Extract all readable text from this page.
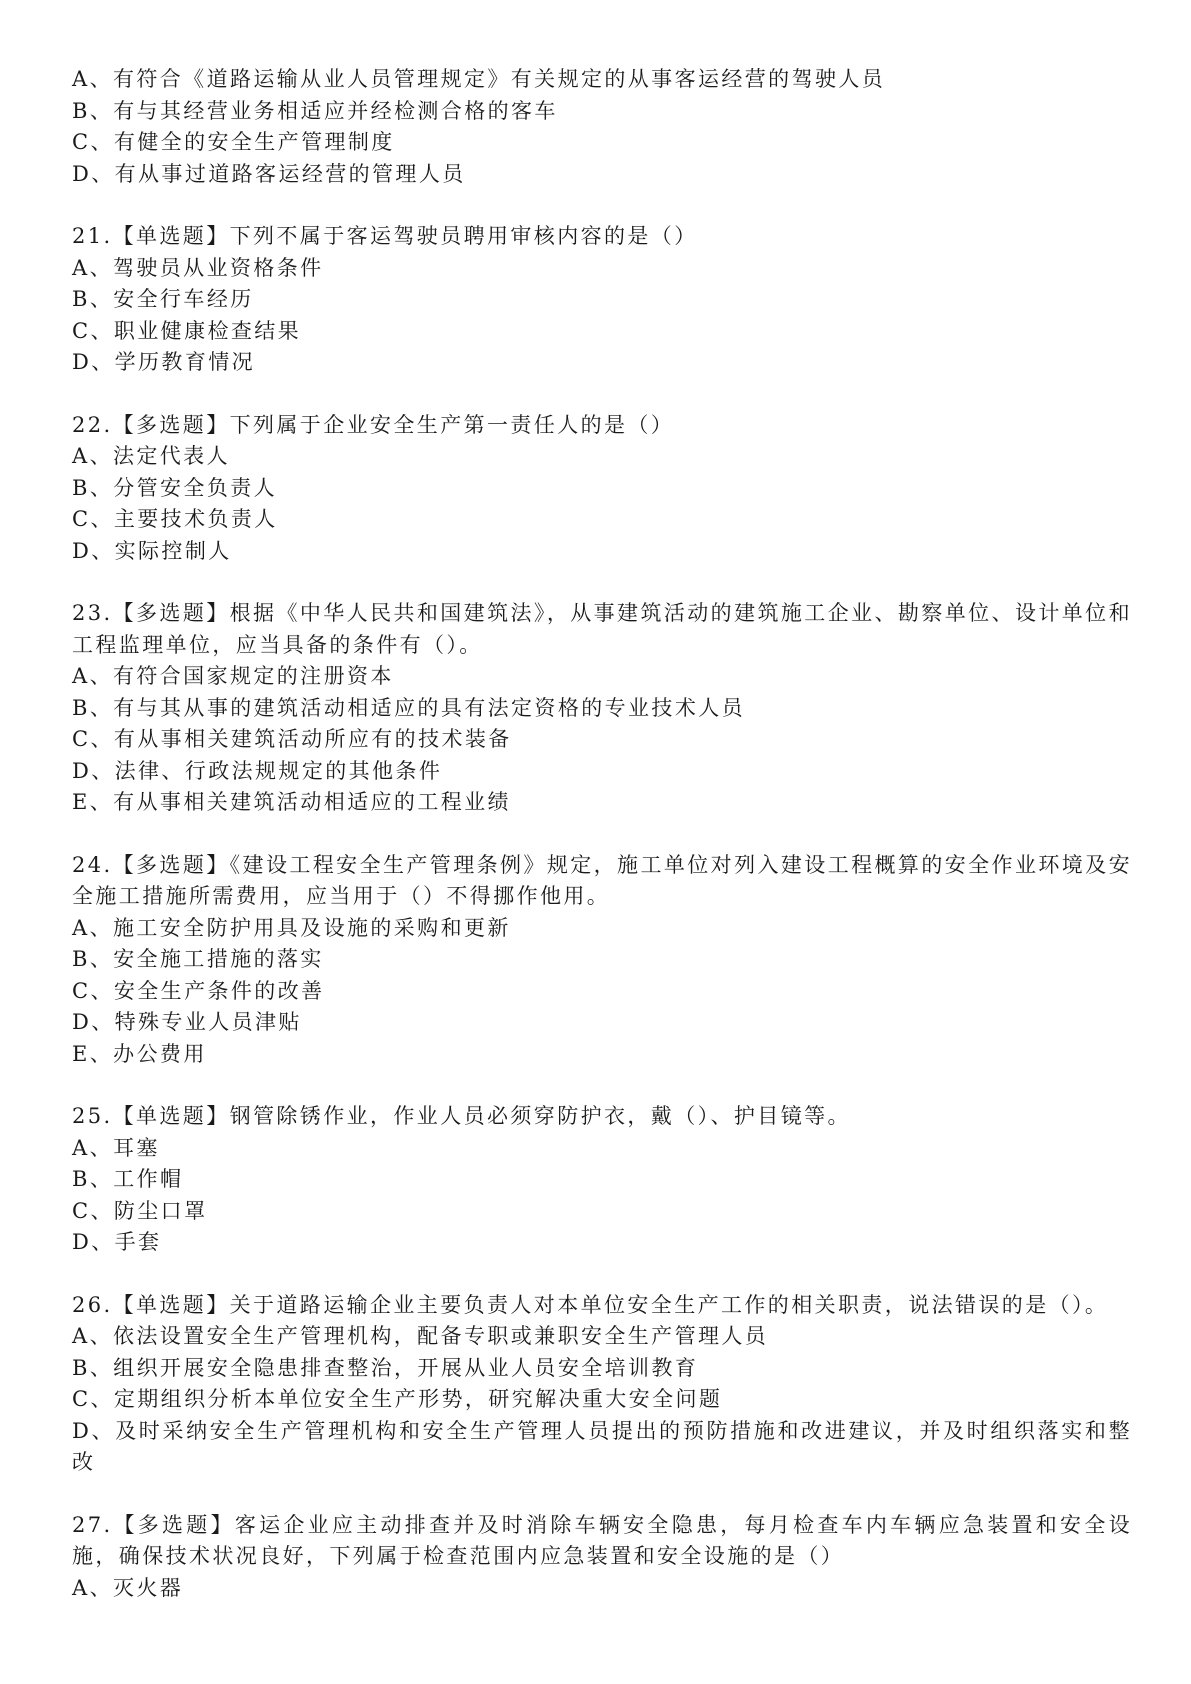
A、有符合《道路运输从业人员管理规定》有关规定的从事客运经营的驾驶人员
B、有与其经营业务相适应并经检测合格的客车
C、有健全的安全生产管理制度
D、有从事过道路客运经营的管理人员
21.【单选题】下列不属于客运驾驶员聘用审核内容的是（）
A、驾驶员从业资格条件
B、安全行车经历
C、职业健康检查结果
D、学历教育情况
22.【多选题】下列属于企业安全生产第一责任人的是（）
A、法定代表人
B、分管安全负责人
C、主要技术负责人
D、实际控制人
23.【多选题】根据《中华人民共和国建筑法》，从事建筑活动的建筑施工企业、勘察单位、设计单位和工程监理单位，应当具备的条件有（）。
A、有符合国家规定的注册资本
B、有与其从事的建筑活动相适应的具有法定资格的专业技术人员
C、有从事相关建筑活动所应有的技术装备
D、法律、行政法规规定的其他条件
E、有从事相关建筑活动相适应的工程业绩
24.【多选题】《建设工程安全生产管理条例》规定，施工单位对列入建设工程概算的安全作业环境及安全施工措施所需费用，应当用于（）不得挪作他用。
A、施工安全防护用具及设施的采购和更新
B、安全施工措施的落实
C、安全生产条件的改善
D、特殊专业人员津贴
E、办公费用
25.【单选题】钢管除锈作业，作业人员必须穿防护衣，戴（）、护目镜等。
A、耳塞
B、工作帽
C、防尘口罩
D、手套
26.【单选题】关于道路运输企业主要负责人对本单位安全生产工作的相关职责，说法错误的是（）。
A、依法设置安全生产管理机构，配备专职或兼职安全生产管理人员
B、组织开展安全隐患排查整治，开展从业人员安全培训教育
C、定期组织分析本单位安全生产形势，研究解决重大安全问题
D、及时采纳安全生产管理机构和安全生产管理人员提出的预防措施和改进建议，并及时组织落实和整改
27.【多选题】客运企业应主动排查并及时消除车辆安全隐患，每月检查车内车辆应急装置和安全设施，确保技术状况良好，下列属于检查范围内应急装置和安全设施的是（）
A、灭火器
